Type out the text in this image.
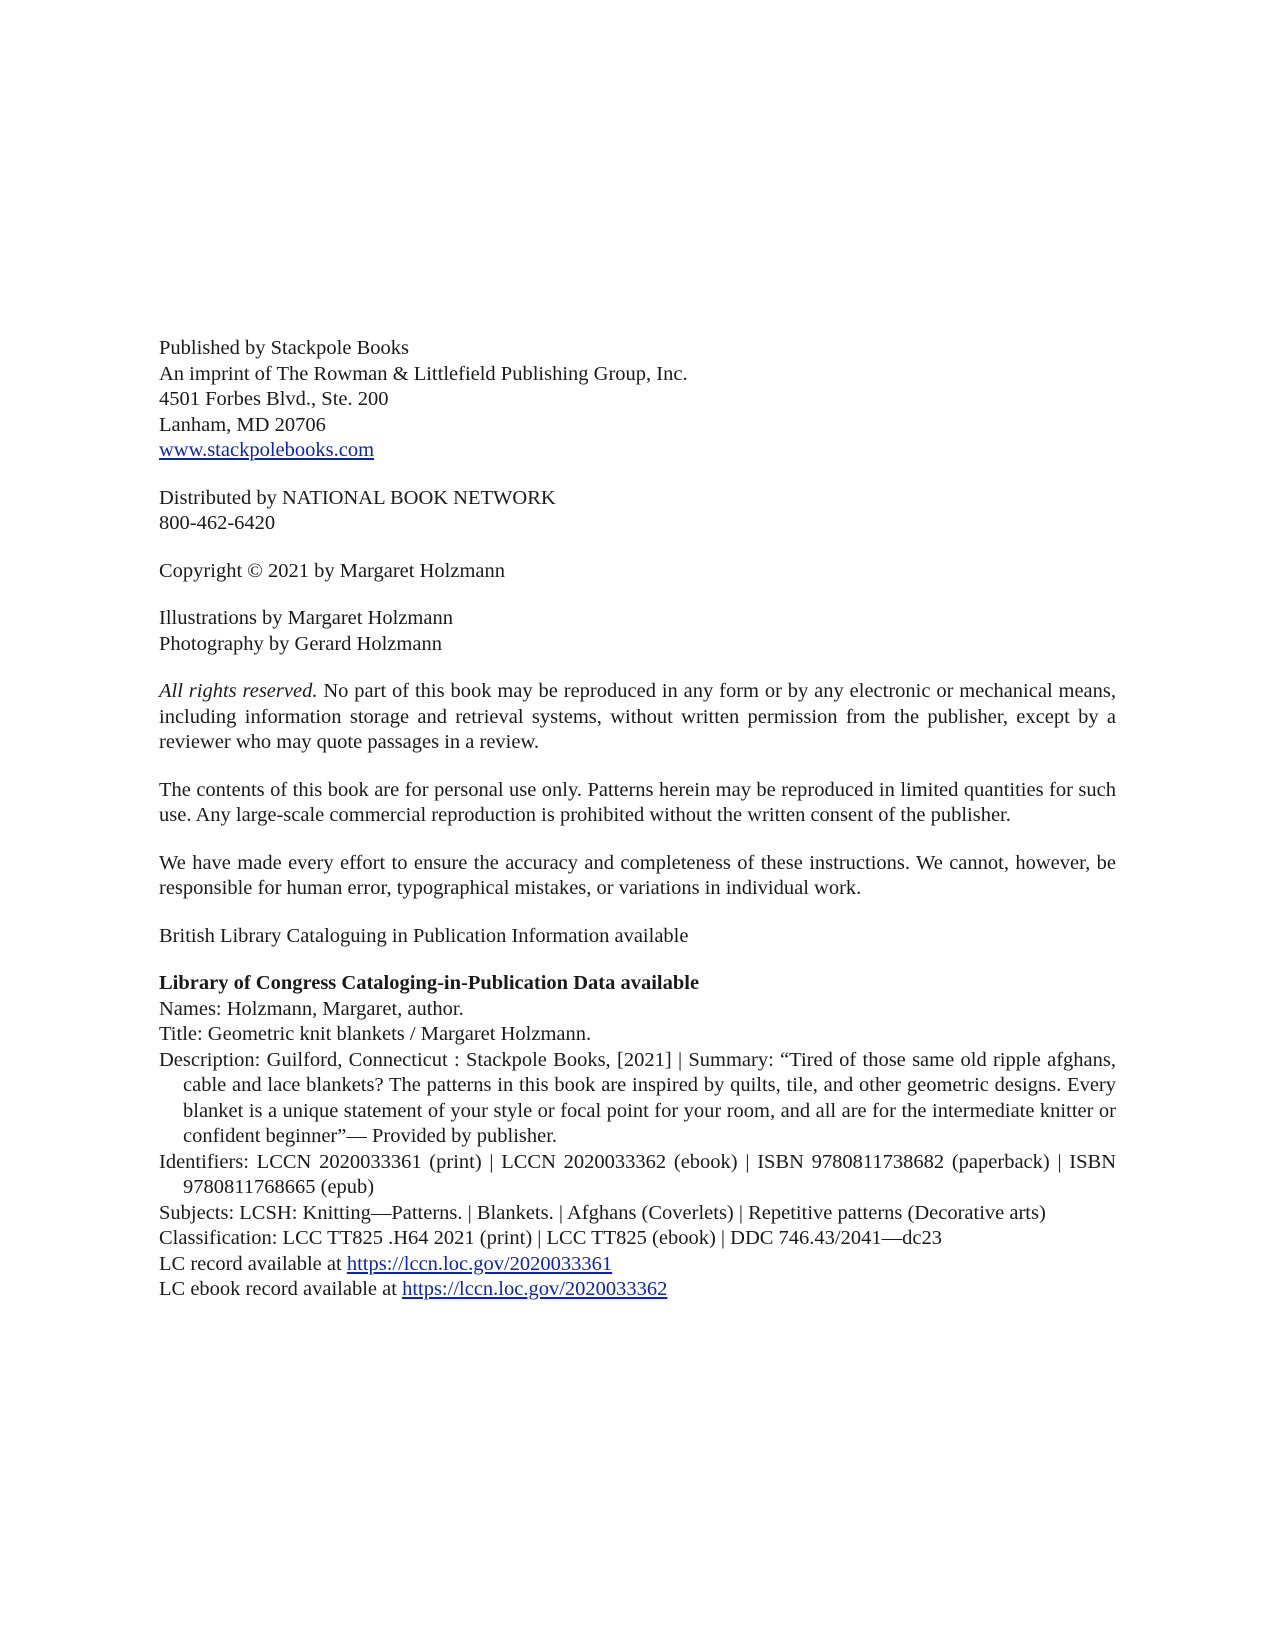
Published by Stackpole Books
An imprint of The Rowman & Littlefield Publishing Group, Inc.
4501 Forbes Blvd., Ste. 200
Lanham, MD 20706
www.stackpolebooks.com
Distributed by NATIONAL BOOK NETWORK
800-462-6420
Copyright © 2021 by Margaret Holzmann
Illustrations by Margaret Holzmann
Photography by Gerard Holzmann
All rights reserved. No part of this book may be reproduced in any form or by any electronic or mechanical means, including information storage and retrieval systems, without written permission from the publisher, except by a reviewer who may quote passages in a review.
The contents of this book are for personal use only. Patterns herein may be reproduced in limited quantities for such use. Any large-scale commercial reproduction is prohibited without the written consent of the publisher.
We have made every effort to ensure the accuracy and completeness of these instructions. We cannot, however, be responsible for human error, typographical mistakes, or variations in individual work.
British Library Cataloguing in Publication Information available
Library of Congress Cataloging-in-Publication Data available
Names: Holzmann, Margaret, author.
Title: Geometric knit blankets / Margaret Holzmann.
Description: Guilford, Connecticut : Stackpole Books, [2021] | Summary: “Tired of those same old ripple afghans, cable and lace blankets? The patterns in this book are inspired by quilts, tile, and other geometric designs. Every blanket is a unique statement of your style or focal point for your room, and all are for the intermediate knitter or confident beginner”— Provided by publisher.
Identifiers: LCCN 2020033361 (print) | LCCN 2020033362 (ebook) | ISBN 9780811738682 (paperback) | ISBN 9780811768665 (epub)
Subjects: LCSH: Knitting—Patterns. | Blankets. | Afghans (Coverlets) | Repetitive patterns (Decorative arts)
Classification: LCC TT825 .H64 2021 (print) | LCC TT825 (ebook) | DDC 746.43/2041—dc23
LC record available at https://lccn.loc.gov/2020033361
LC ebook record available at https://lccn.loc.gov/2020033362
